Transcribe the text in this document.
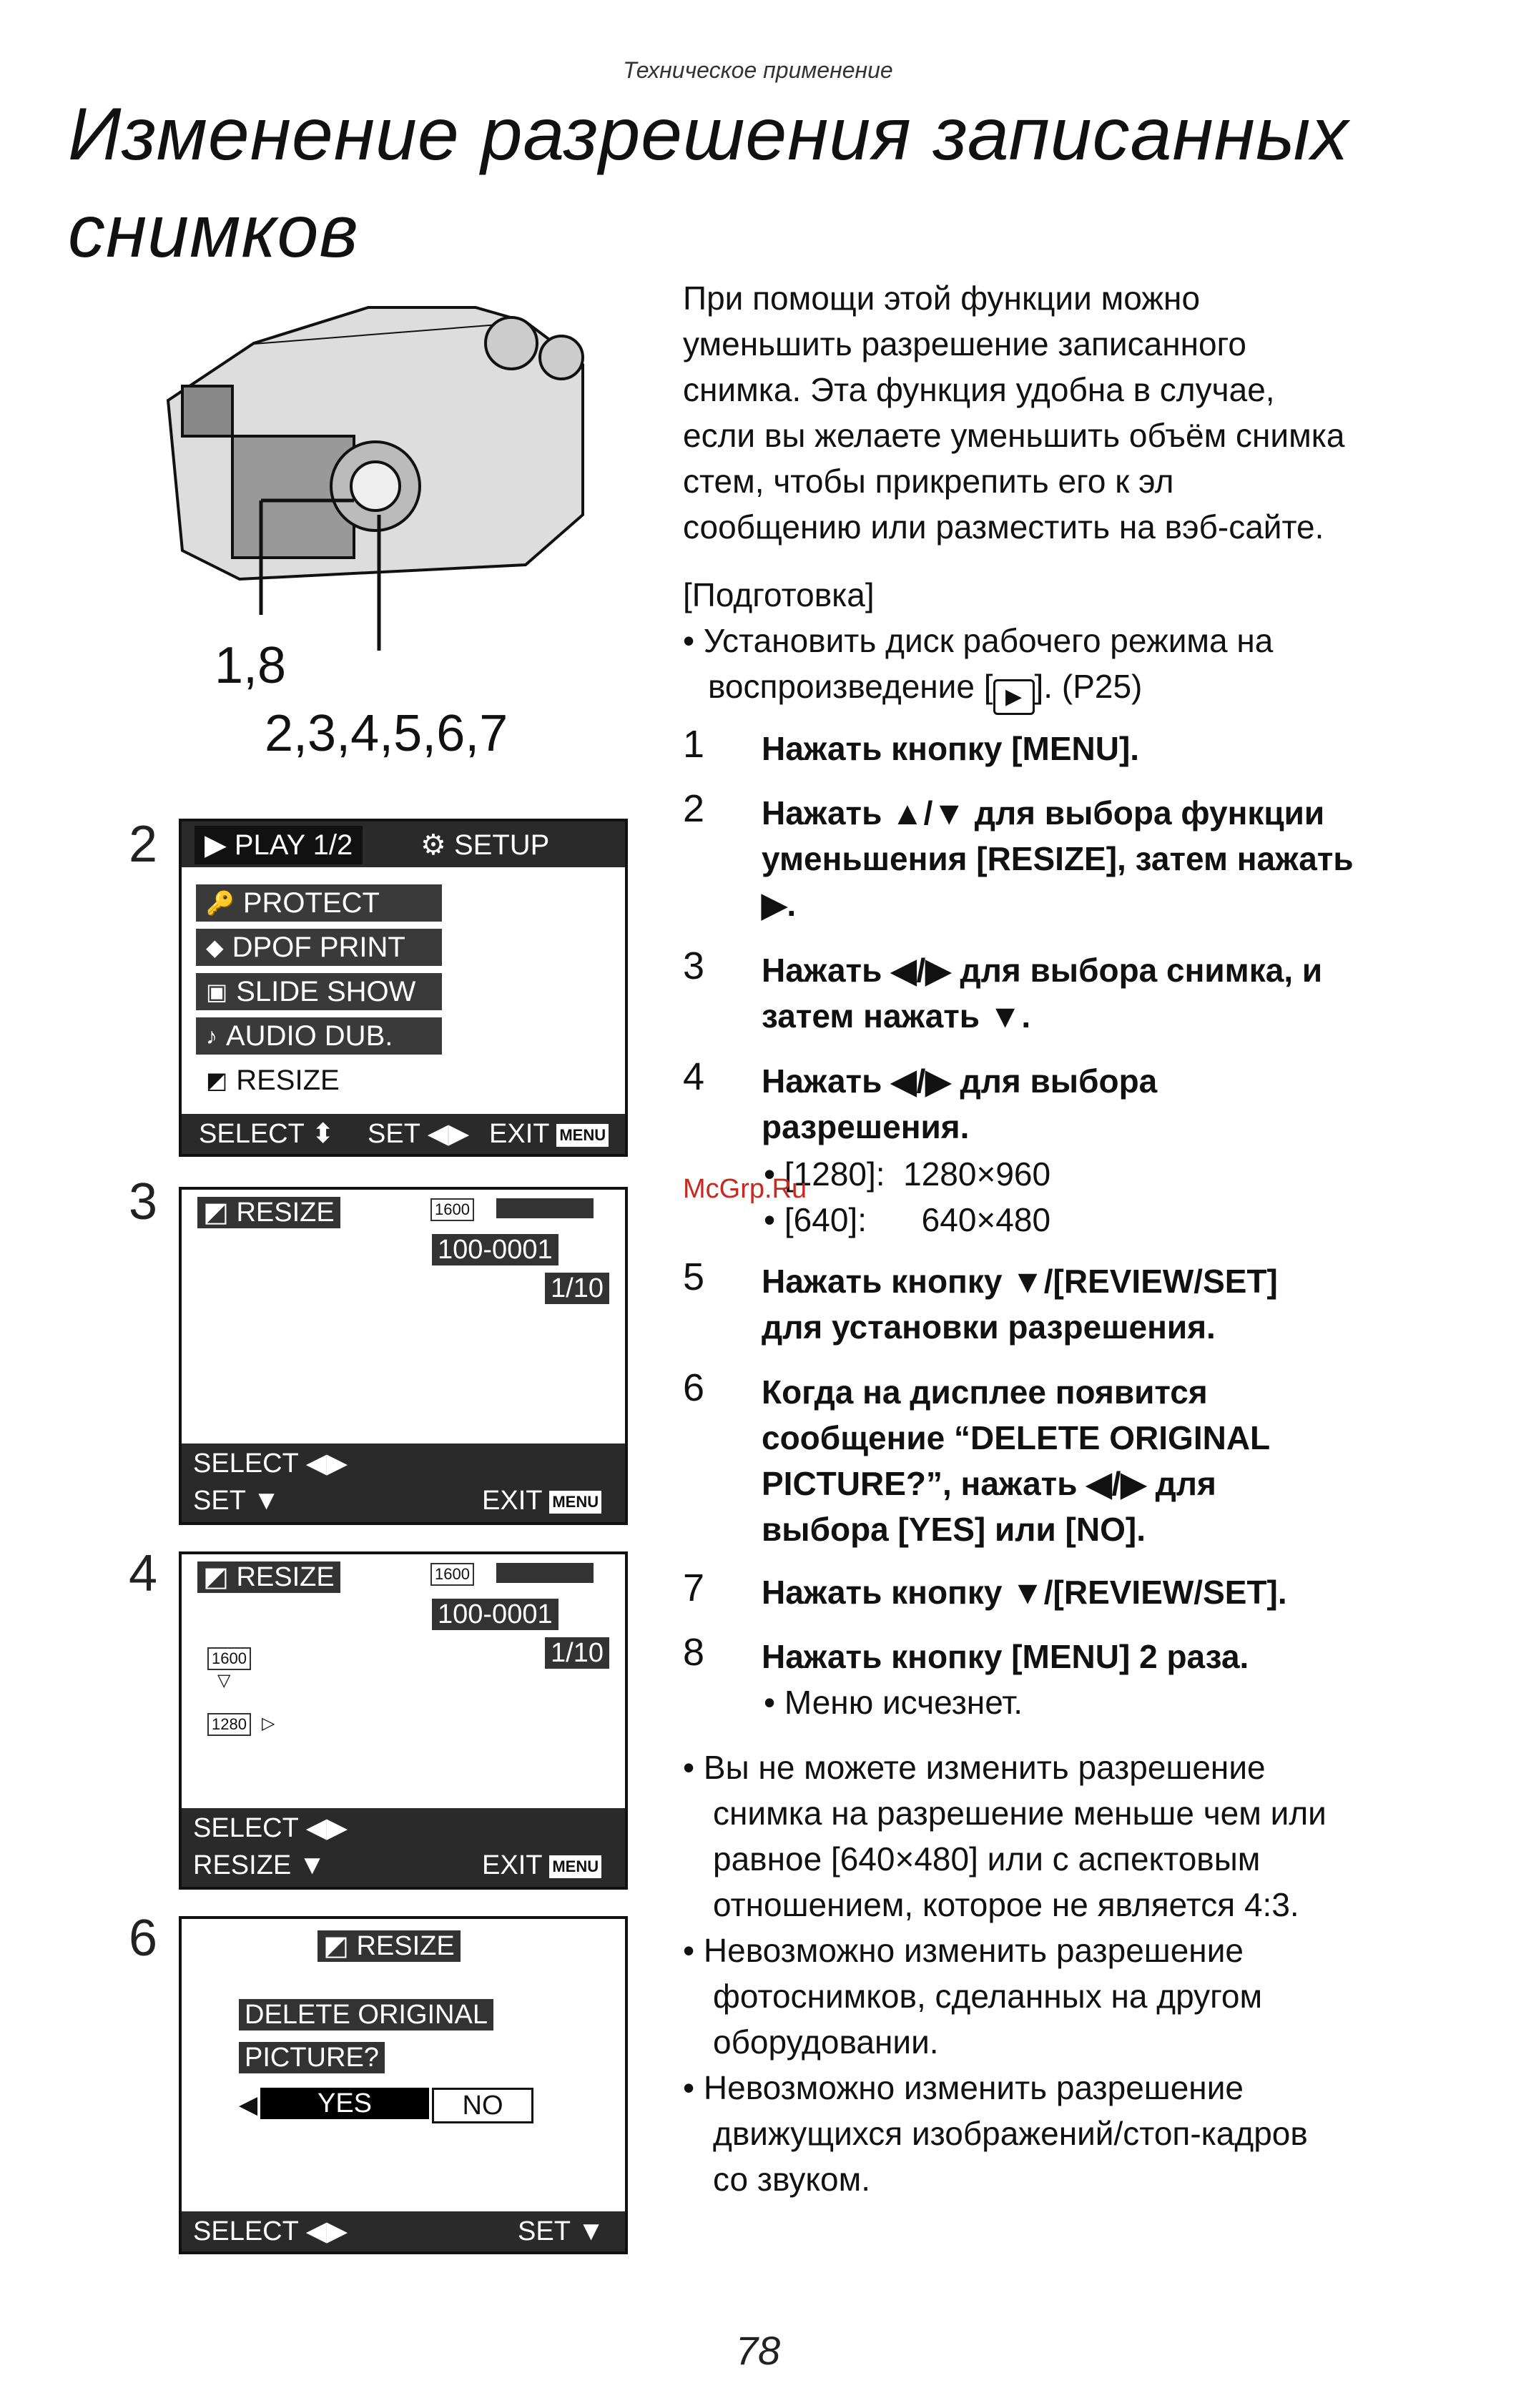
Техническое применение
Изменение разрешения записанных
снимков
1,8
2,3,4,5,6,7
2	▶ PLAY 1/2	⚙ SETUP
🔑 PROTECT
◆ DPOF PRINT
▣ SLIDE SHOW
♪ AUDIO DUB.
◩ RESIZE
SELECT ⬍ SET ◀▶ EXIT MENU
3 ◩ RESIZE	1600
100-0001
1/10
SELECT ◀▶
SET ▼	EXIT MENU
4 ◩ RESIZE	1600
100-0001
1/10
1600
▽
1280 ▷
SELECT ◀▶
RESIZE ▼	EXIT MENU
6	◩ RESIZE
DELETE ORIGINAL
PICTURE?
◀	YES	NO
SELECT ◀▶	SET ▼
При помощи этой функции можно
уменьшить разрешение записанного
снимка. Эта функция удобна в случае,
если вы желаете уменьшить объём снимка
стем, чтобы прикрепить его к эл
сообщению или разместить на вэб-сайте.
[Подготовка]
• Установить диск рабочего режима на
воспроизведение [ ▶ ]. (P25)
1 Нажать кнопку [MENU].
2 Нажать ▲/▼ для выбора функции
уменьшения [RESIZE], затем нажать
▶.
3 Нажать ◀/▶ для выбора снимка, и
затем нажать ▼.
4 Нажать ◀/▶ для выбора
разрешения.
• [1280]: 1280×960
McGrp.Ru
• [640]: 640×480
5 Нажать кнопку ▼/[REVIEW/SET]
для установки разрешения.
6 Когда на дисплее появится
сообщение “DELETE ORIGINAL
PICTURE?”, нажать ◀/▶ для
выбора [YES] или [NO].
7 Нажать кнопку ▼/[REVIEW/SET].
8 Нажать кнопку [MENU] 2 раза.
• Меню исчезнет.
• Вы не можете изменить разрешение
снимка на разрешение меньше чем или
равное [640×480] или с аспектовым
отношением, которое не является 4:3.
• Невозможно изменить разрешение
фотоснимков, сделанных на другом
оборудовании.
• Невозможно изменить разрешение
движущихся изображений/стоп-кадров
со звуком.
78
